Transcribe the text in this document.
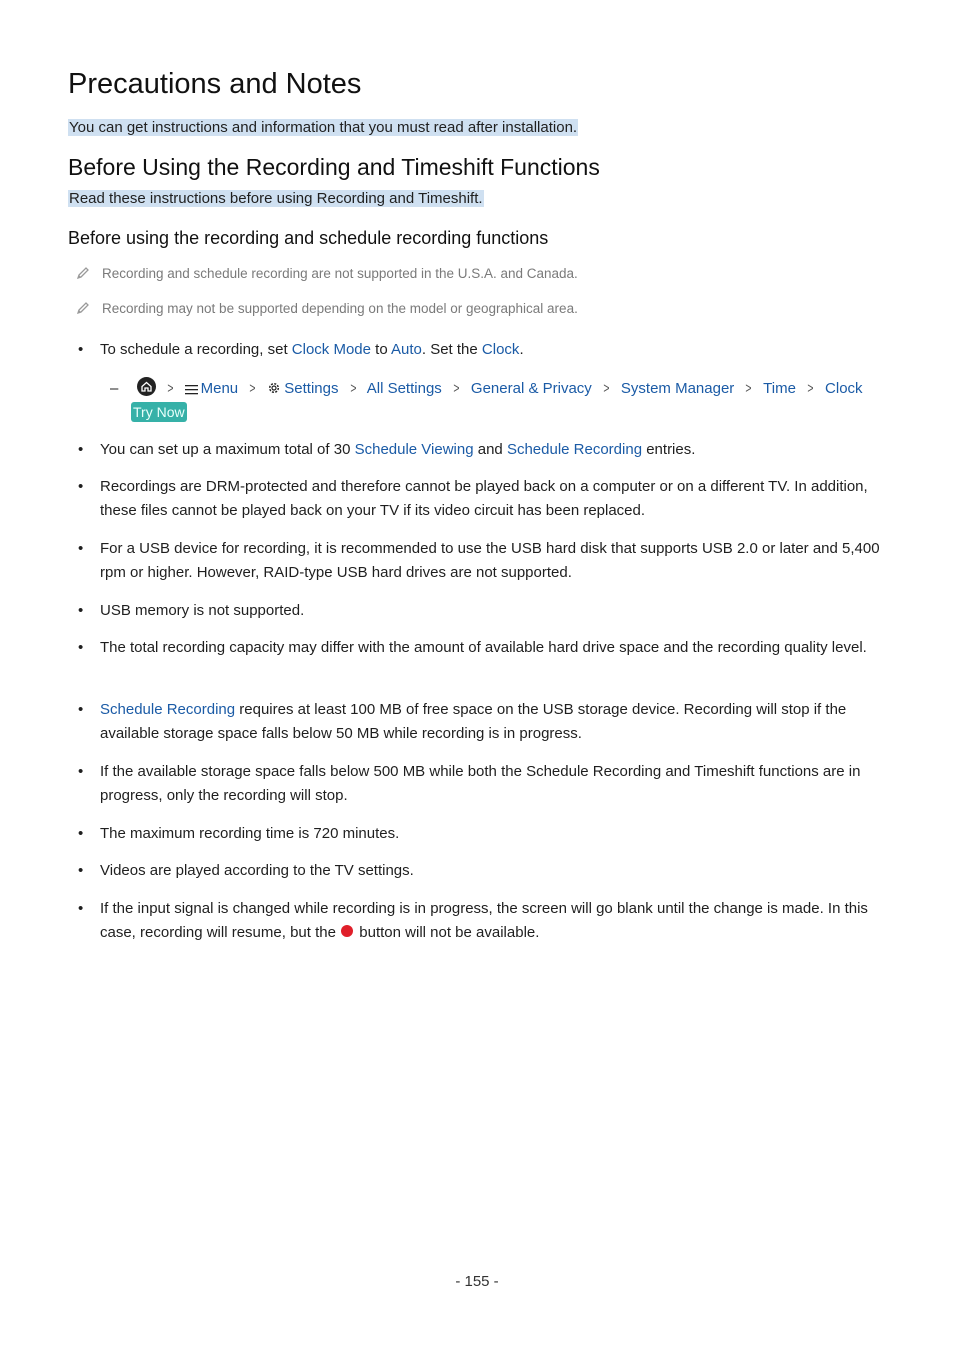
Precautions and Notes
You can get instructions and information that you must read after installation.
Before Using the Recording and Timeshift Functions
Read these instructions before using Recording and Timeshift.
Before using the recording and schedule recording functions
Recording and schedule recording are not supported in the U.S.A. and Canada.
Recording may not be supported depending on the model or geographical area.
•	To schedule a recording, set Clock Mode to Auto. Set the Clock.
–	> Menu > Settings > All Settings > General & Privacy > System Manager > Time > Clock
Try Now
•	You can set up a maximum total of 30 Schedule Viewing and Schedule Recording entries.
•	Recordings are DRM-protected and therefore cannot be played back on a computer or on a different TV. In addition, these files cannot be played back on your TV if its video circuit has been replaced.
•	For a USB device for recording, it is recommended to use the USB hard disk that supports USB 2.0 or later and 5,400 rpm or higher. However, RAID-type USB hard drives are not supported.
•	USB memory is not supported.
•	The total recording capacity may differ with the amount of available hard drive space and the recording quality level.
•	Schedule Recording requires at least 100 MB of free space on the USB storage device. Recording will stop if the available storage space falls below 50 MB while recording is in progress.
•	If the available storage space falls below 500 MB while both the Schedule Recording and Timeshift functions are in progress, only the recording will stop.
•	The maximum recording time is 720 minutes.
•	Videos are played according to the TV settings.
•	If the input signal is changed while recording is in progress, the screen will go blank until the change is made. In this case, recording will resume, but the  button will not be available.
- 155 -
